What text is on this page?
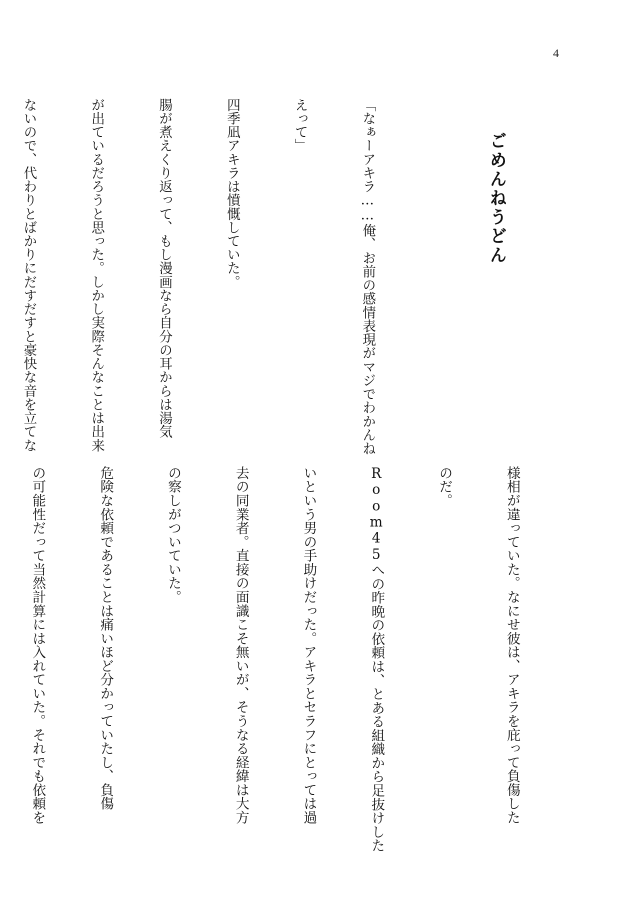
4

ごめんねうどん

「なぁーアキラ……俺、お前の感情表現がマジでわかんね

えって」

四季凪アキラは憤慨していた。

腸が煮えくり返って、もし漫画なら自分の耳からは湯気

が出ているだろうと思った。しかし実際そんなことは出来

ないので、代わりとばかりにだすだすと豪快な音を立てな

様相が違っていた。なにせ彼は、アキラを庇って負傷した

のだ。

Room45への昨晩の依頼は、とある組織から足抜けした

いという男の手助けだった。アキラとセラフにとっては過

去の同業者。直接の面識こそ無いが、そうなる経緯は大方

の察しがついていた。

危険な依頼であることは痛いほど分かっていたし、負傷

の可能性だって当然計算には入れていた。それでも依頼を
